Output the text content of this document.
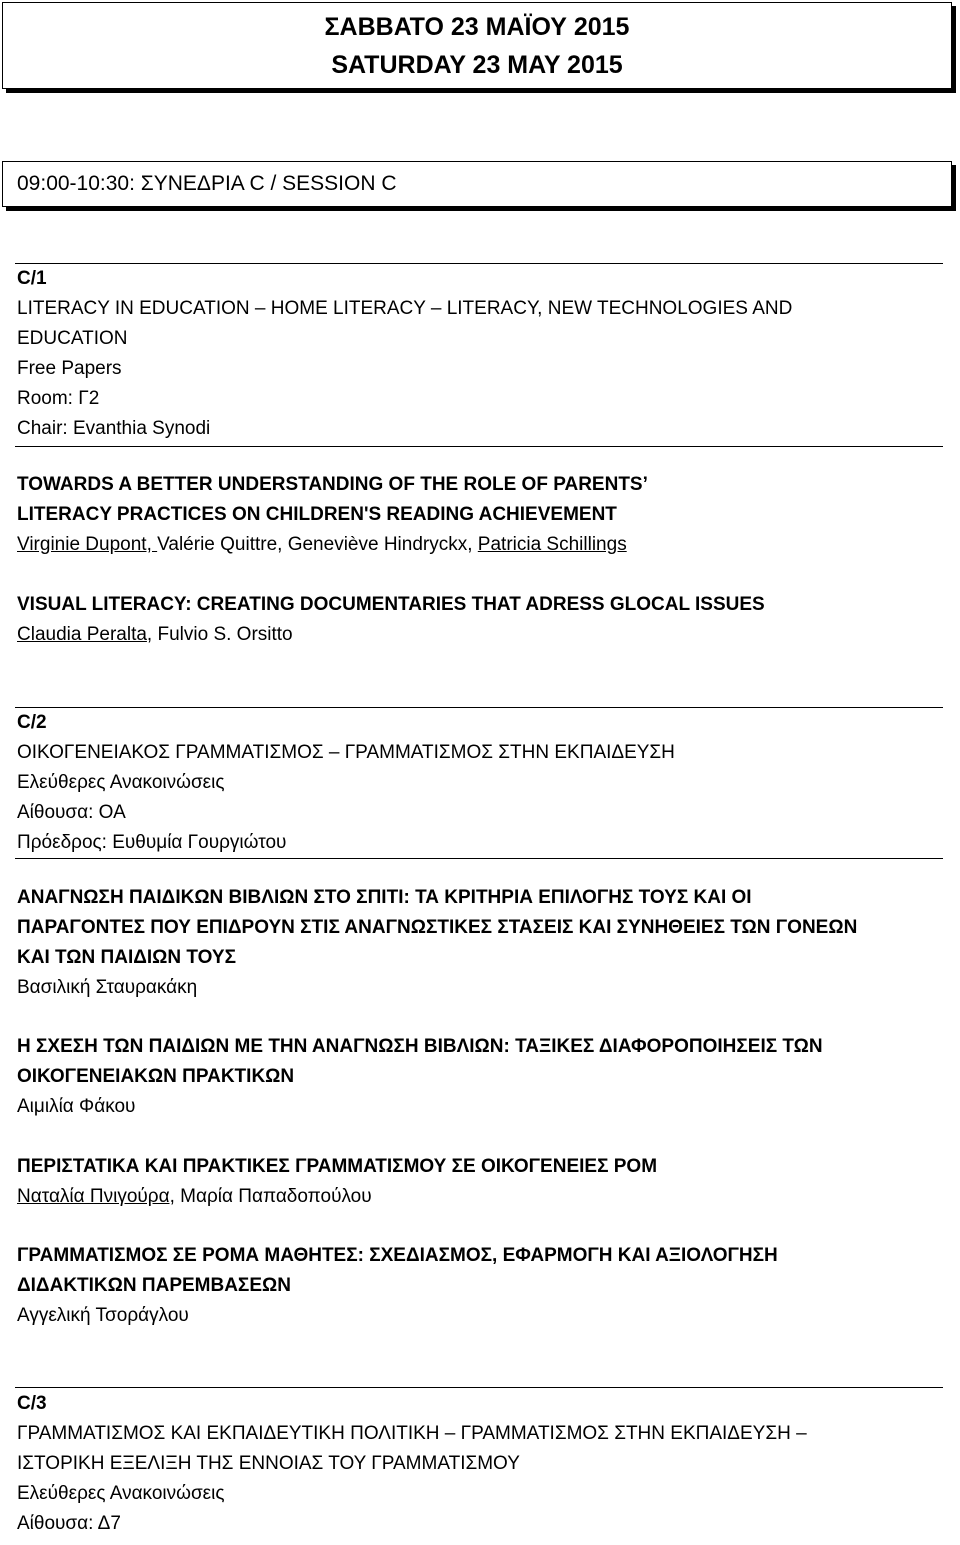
ΣΑΒΒΑΤΟ 23 ΜΑΪΟΥ 2015
SATURDAY 23 MAY 2015
09:00-10:30: ΣΥΝΕΔΡΙΑ C / SESSION C
C/1
LITERACY IN EDUCATION – HOME LITERACY – LITERACY, NEW TECHNOLOGIES AND
EDUCATION
Free Papers
Room: Γ2
Chair: Evanthia Synodi
TOWARDS A BETTER UNDERSTANDING OF THE ROLE OF PARENTS’
LITERACY PRACTICES ON CHILDREN'S READING ACHIEVEMENT
Virginie Dupont, Valérie Quittre, Geneviève Hindryckx, Patricia Schillings
VISUAL LITERACY: CREATING DOCUMENTARIES THAT ADRESS GLOCAL ISSUES
Claudia Peralta, Fulvio S. Orsitto
C/2
ΟΙΚΟΓΕΝΕΙΑΚΟΣ ΓΡΑΜΜΑΤΙΣΜΟΣ – ΓΡΑΜΜΑΤΙΣΜΟΣ ΣΤΗΝ ΕΚΠΑΙΔΕΥΣΗ
Ελεύθερες Ανακοινώσεις
Αίθουσα: ΟΑ
Πρόεδρος: Ευθυμία Γουργιώτου
ΑΝΑΓΝΩΣΗ ΠΑΙΔΙΚΩΝ ΒΙΒΛΙΩΝ ΣΤΟ ΣΠΙΤΙ: ΤΑ ΚΡΙΤΗΡΙΑ ΕΠΙΛΟΓΗΣ ΤΟΥΣ ΚΑΙ ΟΙ
ΠΑΡΑΓΟΝΤΕΣ ΠΟΥ ΕΠΙΔΡΟΥΝ ΣΤΙΣ ΑΝΑΓΝΩΣΤΙΚΕΣ ΣΤΑΣΕΙΣ ΚΑΙ ΣΥΝΗΘΕΙΕΣ ΤΩΝ ΓΟΝΕΩΝ
ΚΑΙ ΤΩΝ ΠΑΙΔΙΩΝ ΤΟΥΣ
Βασιλική Σταυρακάκη
Η ΣΧΕΣΗ ΤΩΝ ΠΑΙΔΙΩΝ ΜΕ ΤΗΝ ΑΝΑΓΝΩΣΗ ΒΙΒΛΙΩΝ: ΤΑΞΙΚΕΣ ΔΙΑΦΟΡΟΠΟΙΗΣΕΙΣ ΤΩΝ
ΟΙΚΟΓΕΝΕΙΑΚΩΝ ΠΡΑΚΤΙΚΩΝ
Αιμιλία Φάκου
ΠΕΡΙΣΤΑΤΙΚΑ ΚΑΙ ΠΡΑΚΤΙΚΕΣ ΓΡΑΜΜΑΤΙΣΜΟΥ ΣΕ ΟΙΚΟΓΕΝΕΙΕΣ ΡΟΜ
Ναταλία Πνιγούρα, Μαρία Παπαδοπούλου
ΓΡΑΜΜΑΤΙΣΜΟΣ ΣΕ ΡΟΜΑ ΜΑΘΗΤΕΣ: ΣΧΕΔΙΑΣΜΟΣ, ΕΦΑΡΜΟΓΗ ΚΑΙ ΑΞΙΟΛΟΓΗΣΗ
ΔΙΔΑΚΤΙΚΩΝ ΠΑΡΕΜΒΑΣΕΩΝ
Αγγελική Τσοράγλου
C/3
ΓΡΑΜΜΑΤΙΣΜΟΣ ΚΑΙ ΕΚΠΑΙΔΕΥΤΙΚΗ ΠΟΛΙΤΙΚΗ – ΓΡΑΜΜΑΤΙΣΜΟΣ ΣΤΗΝ ΕΚΠΑΙΔΕΥΣΗ –
ΙΣΤΟΡΙΚΗ ΕΞΕΛΙΞΗ ΤΗΣ ΕΝΝΟΙΑΣ ΤΟΥ ΓΡΑΜΜΑΤΙΣΜΟΥ
Ελεύθερες Ανακοινώσεις
Αίθουσα: Δ7
